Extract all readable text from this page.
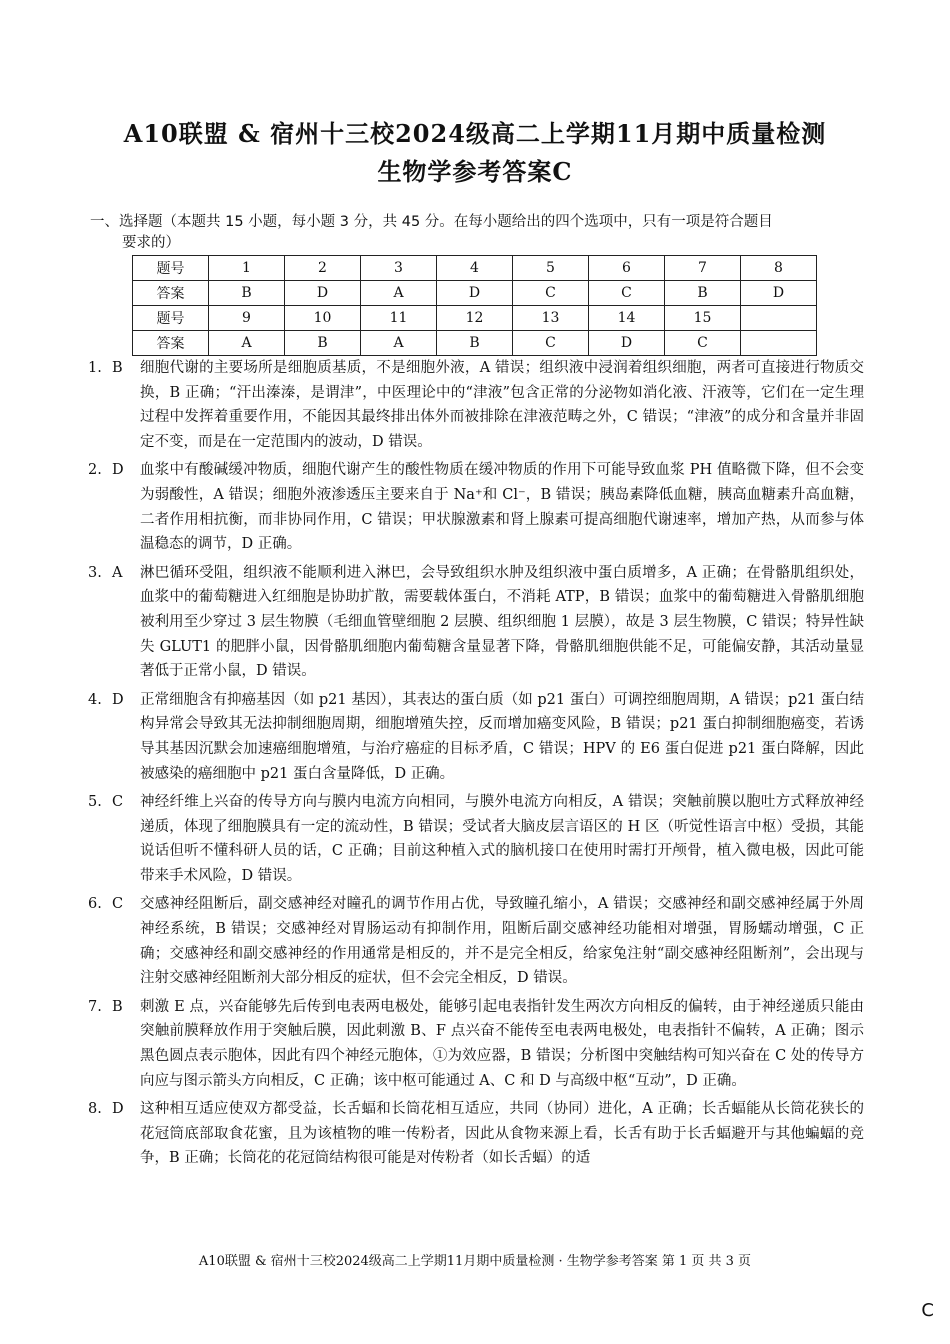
A10联盟 & 宿州十三校2024级高二上学期11月期中质量检测
生物学参考答案C
一、选择题（本题共 15 小题，每小题 3 分，共 45 分。在每小题给出的四个选项中，只有一项是符合题目
要求的）
题号	1	2	3	4	5	6	7	8
答案	B	D	A	D	C	C	B	D
题号	9	10	11	12	13	14	15	
答案	A	B	A	B	C	D	C	
1. B 细胞代谢的主要场所是细胞质基质，不是细胞外液，A 错误；组织液中浸润着组织细胞，两者可直接进行物质交换，B 正确；“汗出溱溱，是谓津”，中医理论中的“津液”包含正常的分泌物如消化液、汗液等，它们在一定生理过程中发挥着重要作用，不能因其最终排出体外而被排除在津液范畴之外，C 错误；“津液”的成分和含量并非固定不变，而是在一定范围内的波动，D 错误。
2. D 血浆中有酸碱缓冲物质，细胞代谢产生的酸性物质在缓冲物质的作用下可能导致血浆 PH 值略微下降，但不会变为弱酸性，A 错误；细胞外液渗透压主要来自于 Na⁺和 Cl⁻，B 错误；胰岛素降低血糖，胰高血糖素升高血糖，二者作用相抗衡，而非协同作用，C 错误；甲状腺激素和肾上腺素可提高细胞代谢速率，增加产热，从而参与体温稳态的调节，D 正确。
3. A 淋巴循环受阻，组织液不能顺利进入淋巴，会导致组织水肿及组织液中蛋白质增多，A 正确；在骨骼肌组织处，血浆中的葡萄糖进入红细胞是协助扩散，需要载体蛋白，不消耗 ATP，B 错误；血浆中的葡萄糖进入骨骼肌细胞被利用至少穿过 3 层生物膜（毛细血管壁细胞 2 层膜、组织细胞 1 层膜），故是 3 层生物膜，C 错误；特异性缺失 GLUT1 的肥胖小鼠，因骨骼肌细胞内葡萄糖含量显著下降，骨骼肌细胞供能不足，可能偏安静，其活动量显著低于正常小鼠，D 错误。
4. D 正常细胞含有抑癌基因（如 p21 基因），其表达的蛋白质（如 p21 蛋白）可调控细胞周期，A 错误；p21 蛋白结构异常会导致其无法抑制细胞周期，细胞增殖失控，反而增加癌变风险，B 错误；p21 蛋白抑制细胞癌变，若诱导其基因沉默会加速癌细胞增殖，与治疗癌症的目标矛盾，C 错误；HPV 的 E6 蛋白促进 p21 蛋白降解，因此被感染的癌细胞中 p21 蛋白含量降低，D 正确。
5. C 神经纤维上兴奋的传导方向与膜内电流方向相同，与膜外电流方向相反，A 错误；突触前膜以胞吐方式释放神经递质，体现了细胞膜具有一定的流动性，B 错误；受试者大脑皮层言语区的 H 区（听觉性语言中枢）受损，其能说话但听不懂科研人员的话，C 正确；目前这种植入式的脑机接口在使用时需打开颅骨，植入微电极，因此可能带来手术风险，D 错误。
6. C 交感神经阻断后，副交感神经对瞳孔的调节作用占优，导致瞳孔缩小，A 错误；交感神经和副交感神经属于外周神经系统，B 错误；交感神经对胃肠运动有抑制作用，阻断后副交感神经功能相对增强，胃肠蠕动增强，C 正确；交感神经和副交感神经的作用通常是相反的，并不是完全相反，给家兔注射“副交感神经阻断剂”，会出现与注射交感神经阻断剂大部分相反的症状，但不会完全相反，D 错误。
7. B 刺激 E 点，兴奋能够先后传到电表两电极处，能够引起电表指针发生两次方向相反的偏转，由于神经递质只能由突触前膜释放作用于突触后膜，因此刺激 B、F 点兴奋不能传至电表两电极处，电表指针不偏转，A 正确；图示黑色圆点表示胞体，因此有四个神经元胞体，①为效应器，B 错误；分析图中突触结构可知兴奋在 C 处的传导方向应与图示箭头方向相反，C 正确；该中枢可能通过 A、C 和 D 与高级中枢“互动”，D 正确。
8. D 这种相互适应使双方都受益，长舌蝠和长筒花相互适应，共同（协同）进化，A 正确；长舌蝠能从长筒花狭长的花冠筒底部取食花蜜，且为该植物的唯一传粉者，因此从食物来源上看，长舌有助于长舌蝠避开与其他蝙蝠的竞争，B 正确；长筒花的花冠筒结构很可能是对传粉者（如长舌蝠）的适
A10联盟 & 宿州十三校2024级高二上学期11月期中质量检测 · 生物学参考答案 第 1 页 共 3 页
C
